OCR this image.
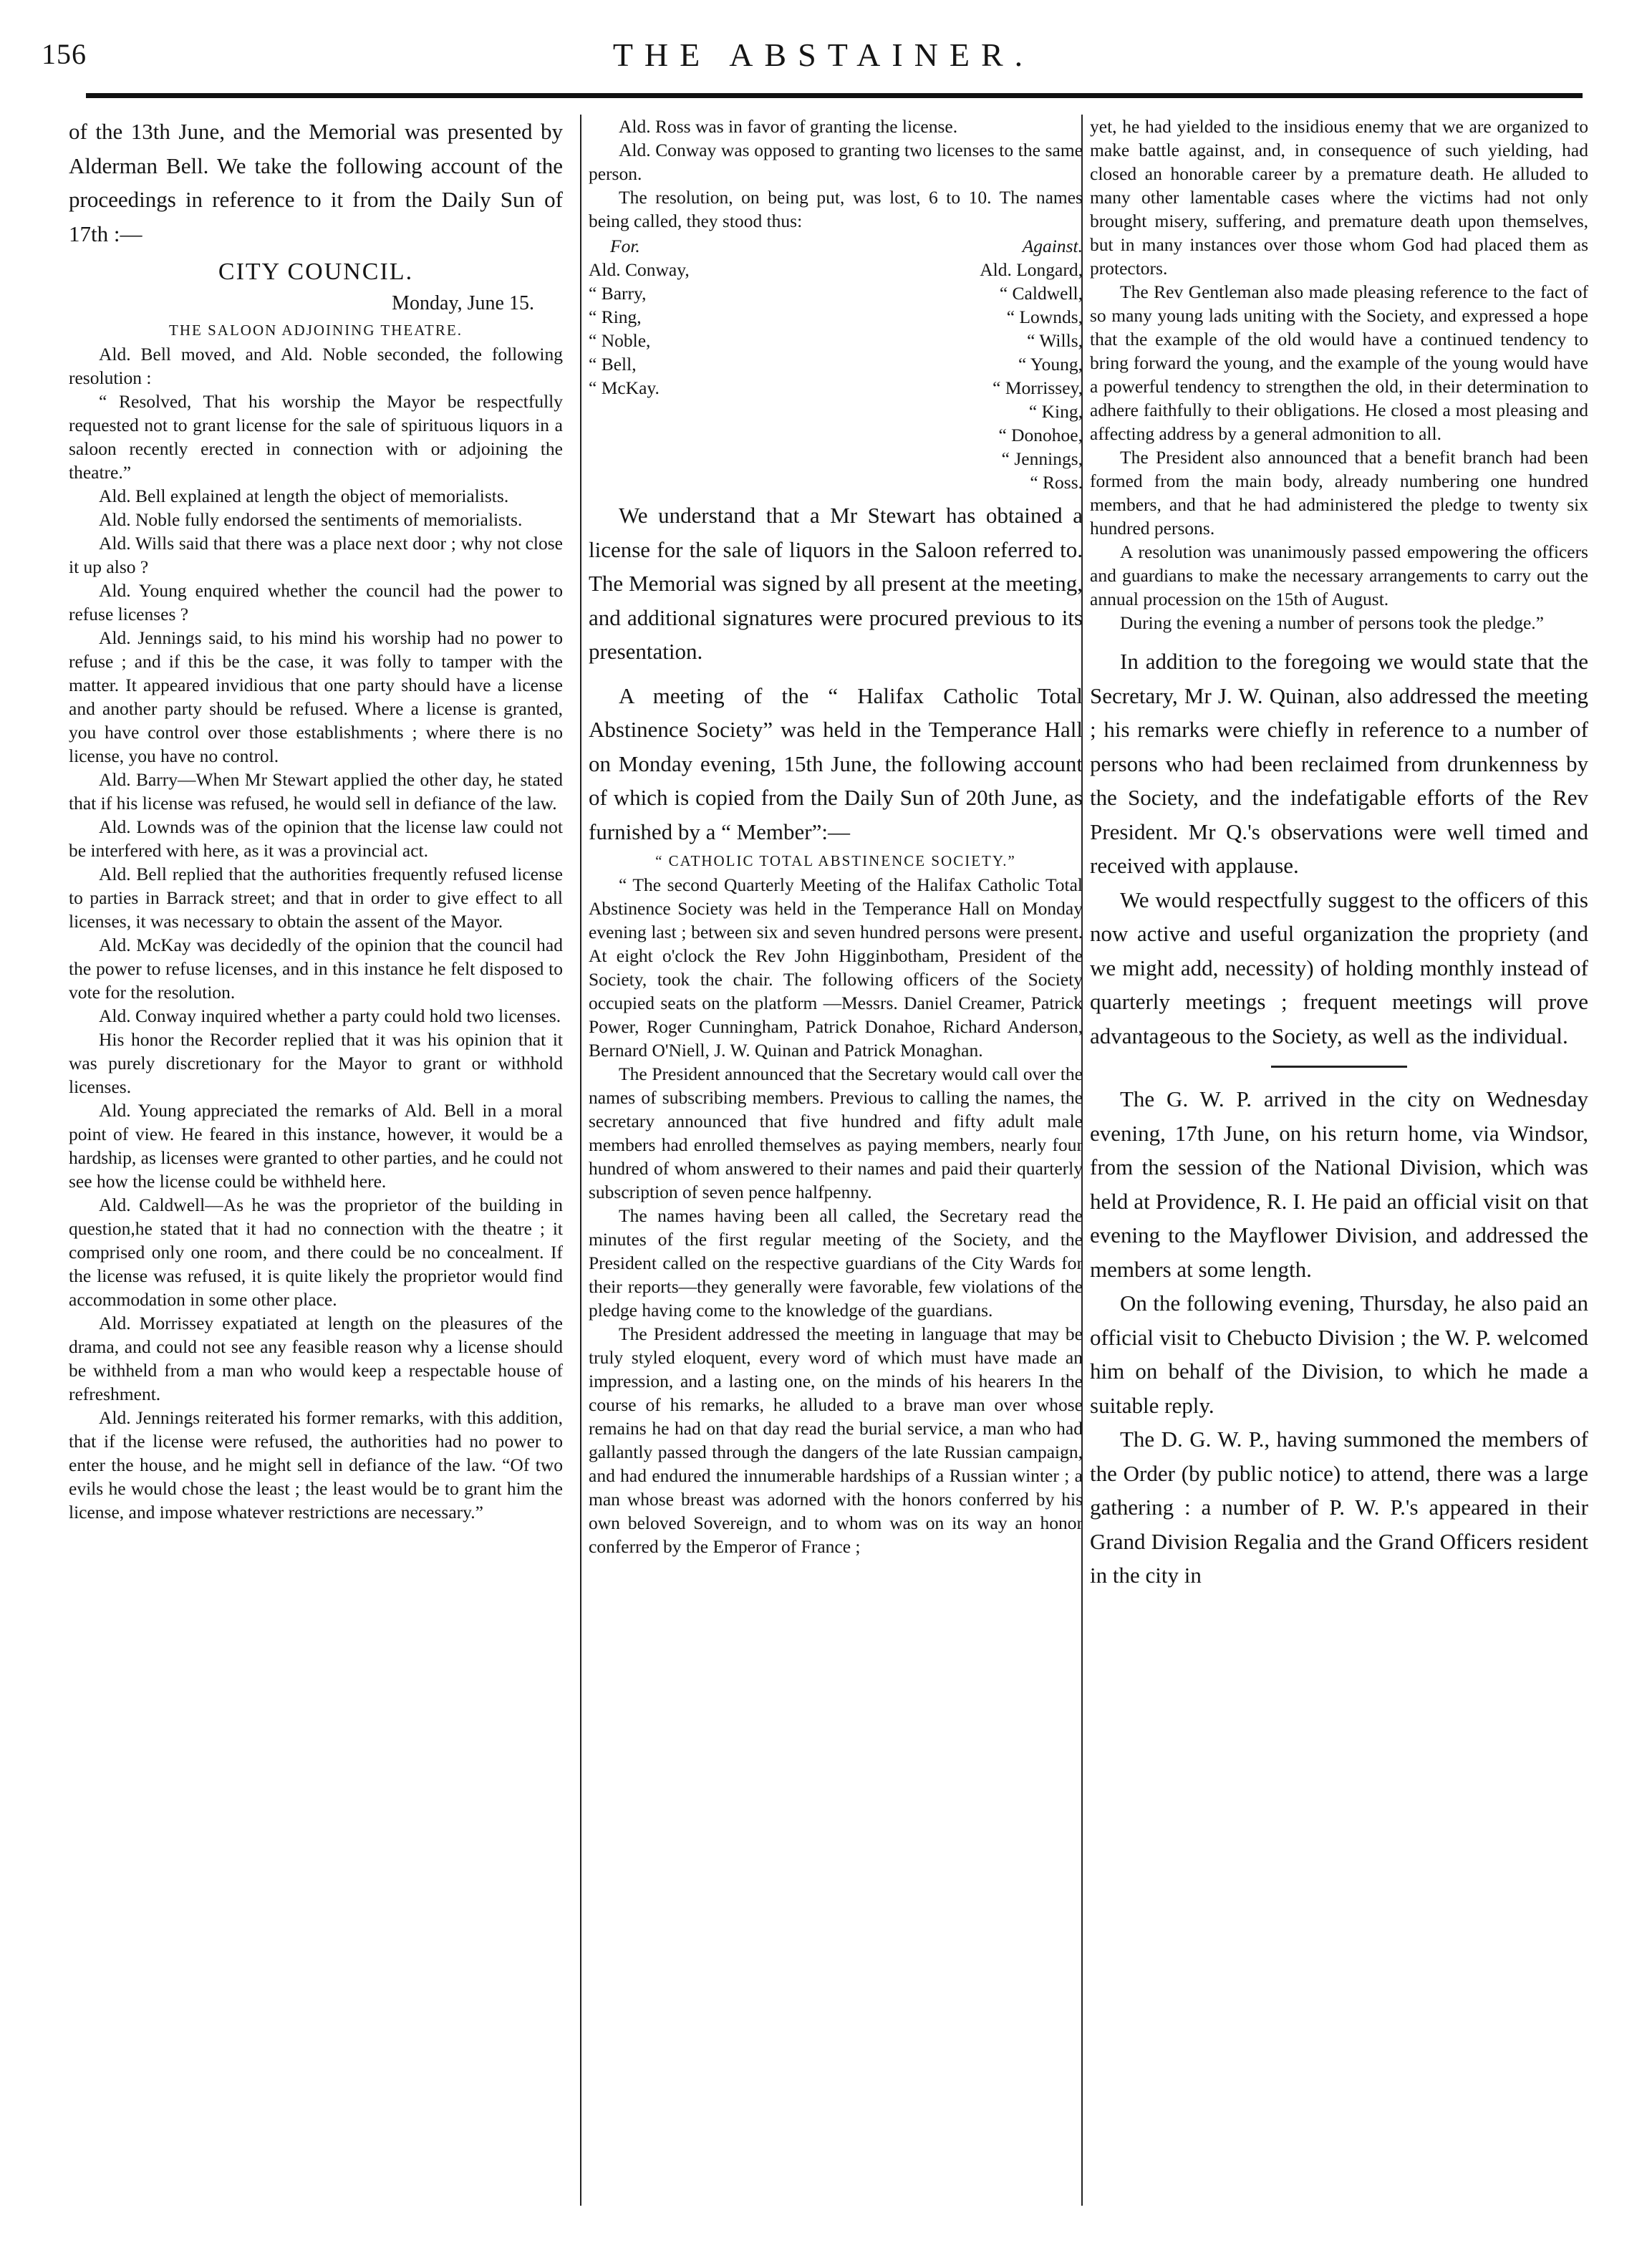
156	THE ABSTAINER.

of the 13th June, and the Memorial was presented by Alderman Bell. We take the following account of the proceedings in reference to it from the Daily Sun of 17th :—

CITY COUNCIL.
Monday, June 15.
THE SALOON ADJOINING THEATRE.

Ald. Bell moved, and Ald. Noble seconded, the following resolution :

“ Resolved, That his worship the Mayor be respectfully requested not to grant license for the sale of spirituous liquors in a saloon recently erected in connection with or adjoining the theatre.”

Ald. Bell explained at length the object of memorialists.

Ald. Noble fully endorsed the sentiments of memorialists.

Ald. Wills said that there was a place next door ; why not close it up also ?

Ald. Young enquired whether the council had the power to refuse licenses ?

Ald. Jennings said, to his mind his worship had no power to refuse ; and if this be the case, it was folly to tamper with the matter. It appeared invidious that one party should have a license and another party should be refused. Where a license is granted, you have control over those establishments ; where there is no license, you have no control.

Ald. Barry—When Mr Stewart applied the other day, he stated that if his license was refused, he would sell in defiance of the law.

Ald. Lownds was of the opinion that the license law could not be interfered with here, as it was a provincial act.

Ald. Bell replied that the authorities frequently refused license to parties in Barrack street; and that in order to give effect to all licenses, it was necessary to obtain the assent of the Mayor.

Ald. McKay was decidedly of the opinion that the council had the power to refuse licenses, and in this instance he felt disposed to vote for the resolution.

Ald. Conway inquired whether a party could hold two licenses.

His honor the Recorder replied that it was his opinion that it was purely discretionary for the Mayor to grant or withhold licenses.

Ald. Young appreciated the remarks of Ald. Bell in a moral point of view. He feared in this instance, however, it would be a hardship, as licenses were granted to other parties, and he could not see how the license could be withheld here.

Ald. Caldwell—As he was the proprietor of the building in question,he stated that it had no connection with the theatre ; it comprised only one room, and there could be no concealment. If the license was refused, it is quite likely the proprietor would find accommodation in some other place.

Ald. Morrissey expatiated at length on the pleasures of the drama, and could not see any feasible reason why a license should be withheld from a man who would keep a respectable house of refreshment.

Ald. Jennings reiterated his former remarks, with this addition, that if the license were refused, the authorities had no power to enter the house, and he might sell in defiance of the law. “Of two evils he would chose the least ; the least would be to grant him the license, and impose whatever restrictions are necessary.”

Ald. Ross was in favor of granting the license.

Ald. Conway was opposed to granting two licenses to the same person.

The resolution, on being put, was lost, 6 to 10. The names being called, they stood thus:

For.
Ald. Conway,
“ Barry,
“ Ring,
“ Noble,
“ Bell,
“ McKay.
Against.
Ald. Longard,
“ Caldwell,
“ Lownds,
“ Wills,
“ Young,
“ Morrissey,
“ King,
“ Donohoe,
“ Jennings,
“ Ross.

We understand that a Mr Stewart has obtained a license for the sale of liquors in the Saloon referred to. The Memorial was signed by all present at the meeting, and additional signatures were procured previous to its presentation.

A meeting of the “ Halifax Catholic Total Abstinence Society” was held in the Temperance Hall on Monday evening, 15th June, the following account of which is copied from the Daily Sun of 20th June, as furnished by a “ Member”:—

“ CATHOLIC TOTAL ABSTINENCE SOCIETY.”

“ The second Quarterly Meeting of the Halifax Catholic Total Abstinence Society was held in the Temperance Hall on Monday evening last ; between six and seven hundred persons were present. At eight o'clock the Rev John Higginbotham, President of the Society, took the chair. The following officers of the Society occupied seats on the platform —Messrs. Daniel Creamer, Patrick Power, Roger Cunningham, Patrick Donahoe, Richard Anderson, Bernard O'Niell, J. W. Quinan and Patrick Monaghan.

The President announced that the Secretary would call over the names of subscribing members. Previous to calling the names, the secretary announced that five hundred and fifty adult male members had enrolled themselves as paying members, nearly four hundred of whom answered to their names and paid their quarterly subscription of seven pence halfpenny.

The names having been all called, the Secretary read the minutes of the first regular meeting of the Society, and the President called on the respective guardians of the City Wards for their reports—they generally were favorable, few violations of the pledge having come to the knowledge of the guardians.

The President addressed the meeting in language that may be truly styled eloquent, every word of which must have made an impression, and a lasting one, on the minds of his hearers In the course of his remarks, he alluded to a brave man over whose remains he had on that day read the burial service, a man who had gallantly passed through the dangers of the late Russian campaign, and had endured the innumerable hardships of a Russian winter ; a man whose breast was adorned with the honors conferred by his own beloved Sovereign, and to whom was on its way an honor conferred by the Emperor of France ;

yet, he had yielded to the insidious enemy that we are organized to make battle against, and, in consequence of such yielding, had closed an honorable career by a premature death. He alluded to many other lamentable cases where the victims had not only brought misery, suffering, and premature death upon themselves, but in many instances over those whom God had placed them as protectors.

The Rev Gentleman also made pleasing reference to the fact of so many young lads uniting with the Society, and expressed a hope that the example of the old would have a continued tendency to bring forward the young, and the example of the young would have a powerful tendency to strengthen the old, in their determination to adhere faithfully to their obligations. He closed a most pleasing and affecting address by a general admonition to all.

The President also announced that a benefit branch had been formed from the main body, already numbering one hundred members, and that he had administered the pledge to twenty six hundred persons.

A resolution was unanimously passed empowering the officers and guardians to make the necessary arrangements to carry out the annual procession on the 15th of August.

During the evening a number of persons took the pledge.”

In addition to the foregoing we would state that the Secretary, Mr J. W. Quinan, also addressed the meeting ; his remarks were chiefly in reference to a number of persons who had been reclaimed from drunkenness by the Society, and the indefatigable efforts of the Rev President. Mr Q.'s observations were well timed and received with applause.

We would respectfully suggest to the officers of this now active and useful organization the propriety (and we might add, necessity) of holding monthly instead of quarterly meetings ; frequent meetings will prove advantageous to the Society, as well as the individual.

The G. W. P. arrived in the city on Wednesday evening, 17th June, on his return home, via Windsor, from the session of the National Division, which was held at Providence, R. I. He paid an official visit on that evening to the Mayflower Division, and addressed the members at some length.

On the following evening, Thursday, he also paid an official visit to Chebucto Division ; the W. P. welcomed him on behalf of the Division, to which he made a suitable reply.

The D. G. W. P., having summoned the members of the Order (by public notice) to attend, there was a large gathering : a number of P. W. P.'s appeared in their Grand Division Regalia and the Grand Officers resident in the city in
